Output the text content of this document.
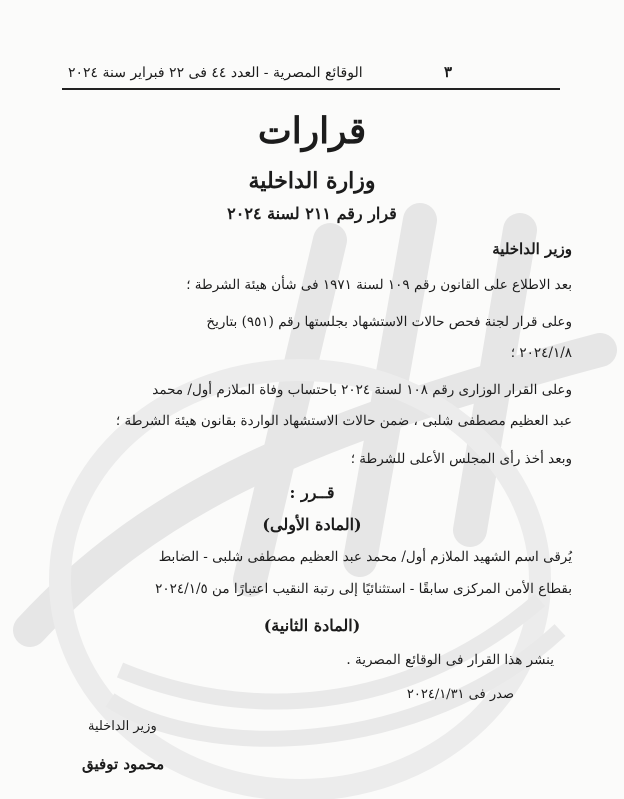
٣
الوقائع المصرية - العدد ٤٤ فى ٢٢ فبراير سنة ٢٠٢٤
قرارات
وزارة الداخلية
قرار رقم ٢١١ لسنة ٢٠٢٤
وزير الداخلية
بعد الاطلاع على القانون رقم ١٠٩ لسنة ١٩٧١ فى شأن هيئة الشرطة ؛
وعلى قرار لجنة فحص حالات الاستشهاد بجلستها رقم (٩٥١) بتاريخ
٢٠٢٤/١/٨ ؛
وعلى القرار الوزارى رقم ١٠٨ لسنة ٢٠٢٤ باحتساب وفاة الملازم أول/ محمد
عبد العظيم مصطفى شلبى ، ضمن حالات الاستشهاد الواردة بقانون هيئة الشرطة ؛
وبعد أخذ رأى المجلس الأعلى للشرطة ؛
قــرر :
(المادة الأولى)
يُرقى اسم الشهيد الملازم أول/ محمد عبد العظيم مصطفى شلبى - الضابط
بقطاع الأمن المركزى سابقًا - استثنائيًا إلى رتبة النقيب اعتبارًا من ٢٠٢٤/١/٥
(المادة الثانية)
ينشر هذا القرار فى الوقائع المصرية .
صدر فى ٢٠٢٤/١/٣١
وزير الداخلية
محمود توفيق
